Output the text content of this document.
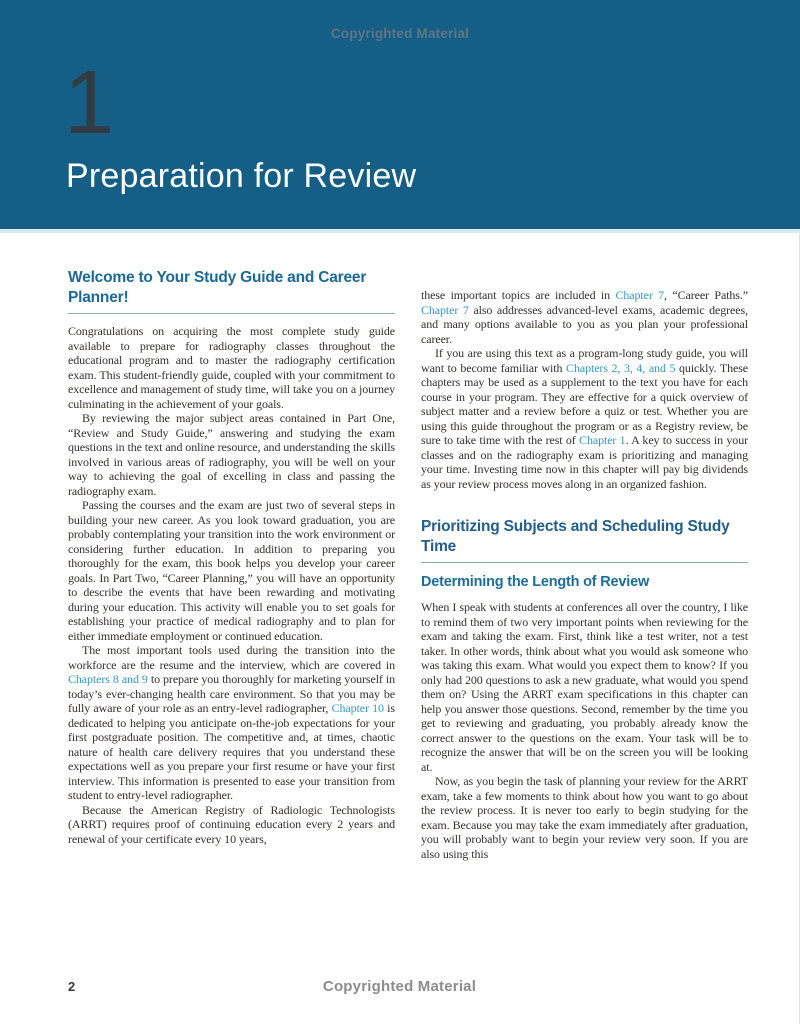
Copyrighted Material
1
Preparation for Review
Welcome to Your Study Guide and Career Planner!

Congratulations on acquiring the most complete study guide available to prepare for radiography classes throughout the educational program and to master the radiography certification exam. This student-friendly guide, coupled with your commitment to excellence and management of study time, will take you on a journey culminating in the achievement of your goals.

By reviewing the major subject areas contained in Part One, “Review and Study Guide,” answering and studying the exam questions in the text and online resource, and understanding the skills involved in various areas of radiography, you will be well on your way to achieving the goal of excelling in class and passing the radiography exam.

Passing the courses and the exam are just two of several steps in building your new career. As you look toward graduation, you are probably contemplating your transition into the work environment or considering further education. In addition to preparing you thoroughly for the exam, this book helps you develop your career goals. In Part Two, “Career Planning,” you will have an opportunity to describe the events that have been rewarding and motivating during your education. This activity will enable you to set goals for establishing your practice of medical radiography and to plan for either immediate employment or continued education.

The most important tools used during the transition into the workforce are the resume and the interview, which are covered in Chapters 8 and 9 to prepare you thoroughly for marketing yourself in today’s ever-changing health care environment. So that you may be fully aware of your role as an entry-level radiographer, Chapter 10 is dedicated to helping you anticipate on-the-job expectations for your first postgraduate position. The competitive and, at times, chaotic nature of health care delivery requires that you understand these expectations well as you prepare your first resume or have your first interview. This information is presented to ease your transition from student to entry-level radiographer.

Because the American Registry of Radiologic Technologists (ARRT) requires proof of continuing education every 2 years and renewal of your certificate every 10 years,

these important topics are included in Chapter 7, “Career Paths.” Chapter 7 also addresses advanced-level exams, academic degrees, and many options available to you as you plan your professional career.

If you are using this text as a program-long study guide, you will want to become familiar with Chapters 2, 3, 4, and 5 quickly. These chapters may be used as a supplement to the text you have for each course in your program. They are effective for a quick overview of subject matter and a review before a quiz or test. Whether you are using this guide throughout the program or as a Registry review, be sure to take time with the rest of Chapter 1. A key to success in your classes and on the radiography exam is prioritizing and managing your time. Investing time now in this chapter will pay big dividends as your review process moves along in an organized fashion.

Prioritizing Subjects and Scheduling Study Time
Determining the Length of Review

When I speak with students at conferences all over the country, I like to remind them of two very important points when reviewing for the exam and taking the exam. First, think like a test writer, not a test taker. In other words, think about what you would ask someone who was taking this exam. What would you expect them to know? If you only had 200 questions to ask a new graduate, what would you spend them on? Using the ARRT exam specifications in this chapter can help you answer those questions. Second, remember by the time you get to reviewing and graduating, you probably already know the correct answer to the questions on the exam. Your task will be to recognize the answer that will be on the screen you will be looking at.

Now, as you begin the task of planning your review for the ARRT exam, take a few moments to think about how you want to go about the review process. It is never too early to begin studying for the exam. Because you may take the exam immediately after graduation, you will probably want to begin your review very soon. If you are also using this

2	Copyrighted Material
